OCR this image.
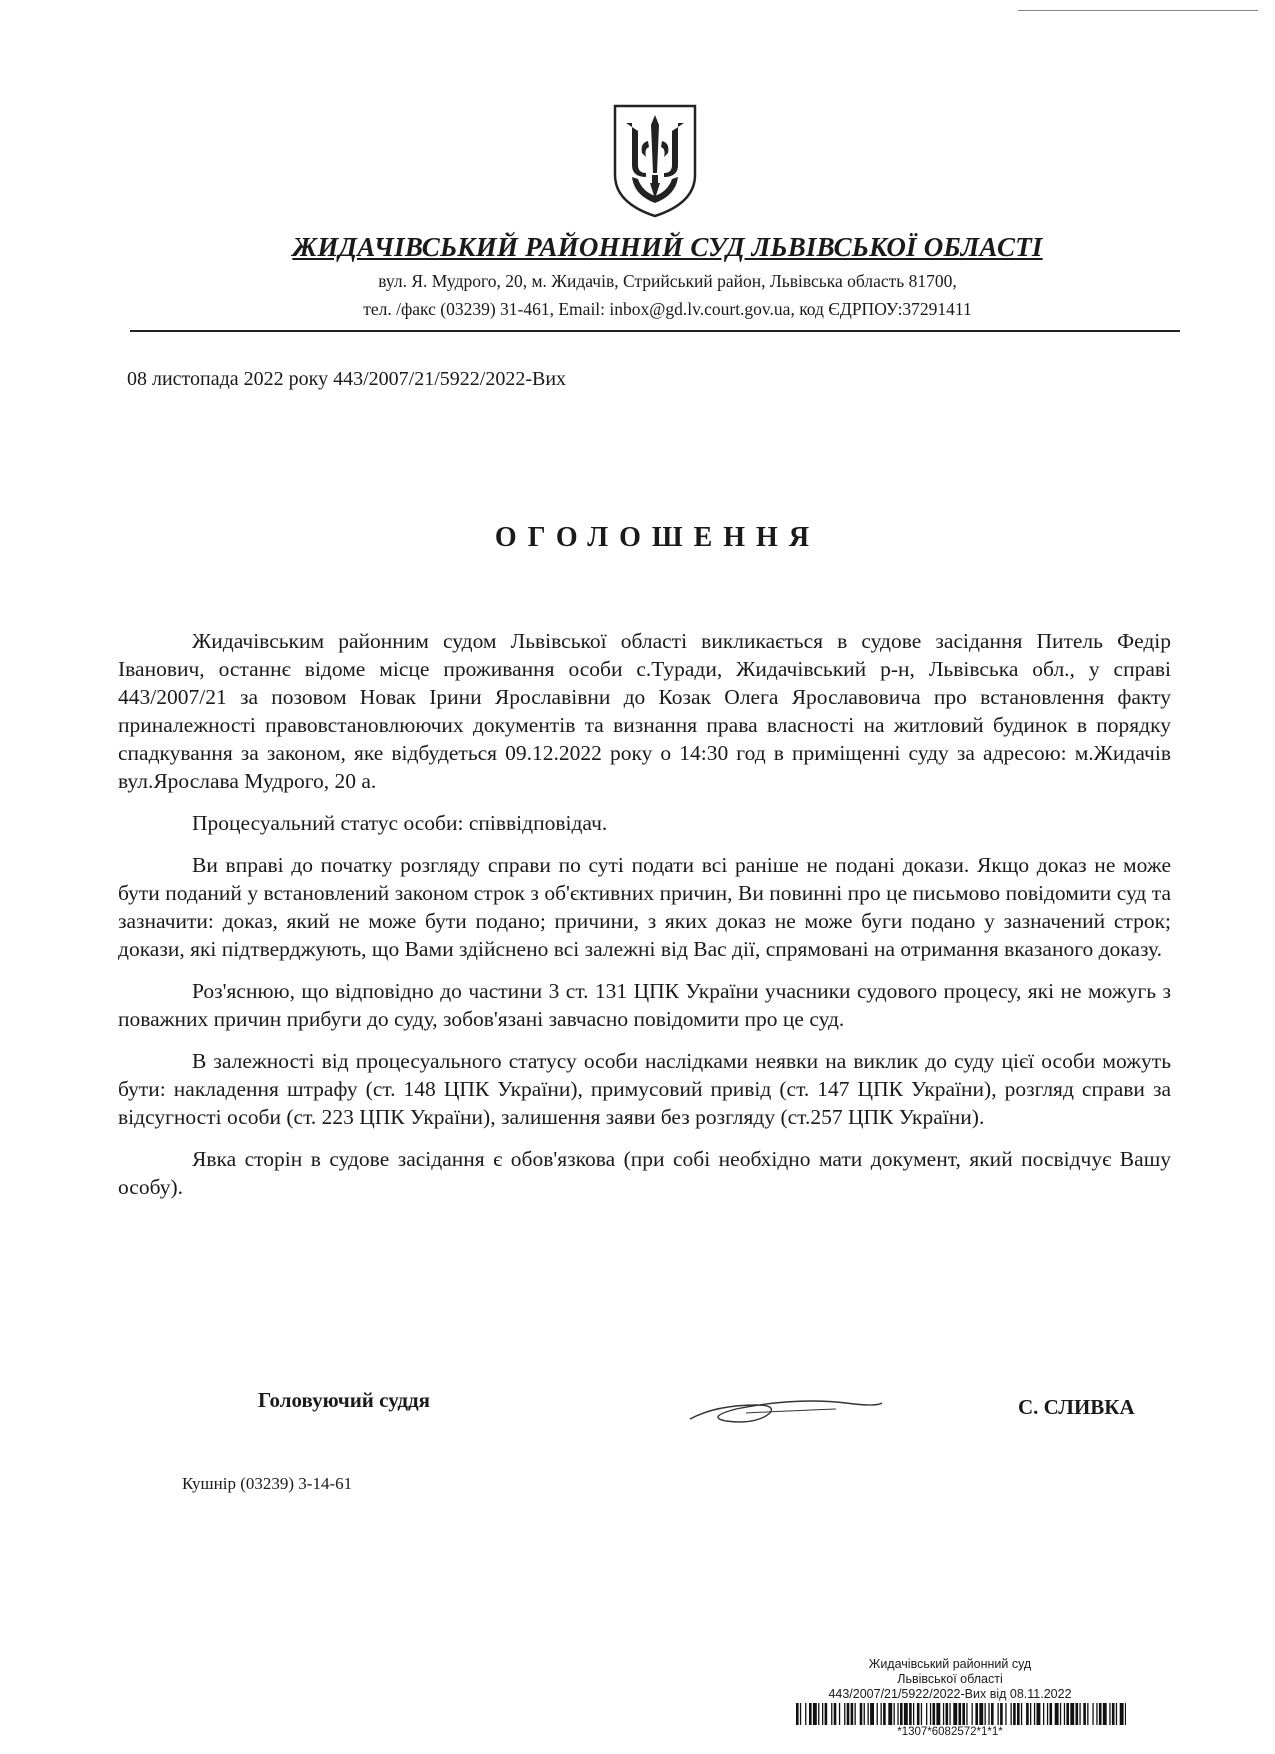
ЖИДАЧІВСЬКИЙ РАЙОННИЙ СУД ЛЬВІВСЬКОЇ ОБЛАСТІ
вул. Я. Мудрого, 20, м. Жидачів, Стрийський район, Львівська область 81700,
тел. /факс (03239) 31-461, Email: inbox@gd.lv.court.gov.ua, код ЄДРПОУ:37291411
08 листопада 2022 року 443/2007/21/5922/2022-Вих
ОГОЛОШЕННЯ

Жидачівським районним судом Львівської області викликається в судове засідання Питель Федір Іванович, останнє відоме місце проживання особи с.Туради, Жидачівський р-н, Львівська обл., у справі 443/2007/21 за позовом Новак Ірини Ярославівни до Козак Олега Ярославовича про встановлення факту приналежності правовстановлюючих документів та визнання права власності на житловий будинок в порядку спадкування за законом, яке відбудеться 09.12.2022 року о 14:30 год в приміщенні суду за адресою: м.Жидачів вул.Ярослава Мудрого, 20 а.

Процесуальний статус особи: співвідповідач.

Ви вправі до початку розгляду справи по суті подати всі раніше не подані докази. Якщо доказ не може бути поданий у встановлений законом строк з об'єктивних причин, Ви повинні про це письмово повідомити суд та зазначити: доказ, який не може бути подано; причини, з яких доказ не може буги подано у зазначений строк; докази, які підтверджують, що Вами здійснено всі залежні від Вас дії, спрямовані на отримання вказаного доказу.

Роз'яснюю, що відповідно до частини 3 ст. 131 ЦПК України учасники судового процесу, які не можугь з поважних причин прибуги до суду, зобов'язані завчасно повідомити про це суд.

В залежності від процесуального статусу особи наслідками неявки на виклик до суду цієї особи можуть бути: накладення штрафу (ст. 148 ЦПК України), примусовий привід (ст. 147 ЦПК України), розгляд справи за відсугності особи (ст. 223 ЦПК України), залишення заяви без розгляду (ст.257 ЦПК України).

Явка сторін в судове засідання є обов'язкова (при собі необхідно мати документ, який посвідчує Вашу особу).

Головуючий суддя	С. СЛИВКА
Кушнір (03239) 3-14-61
Жидачівський районний суд
Львівської області
443/2007/21/5922/2022-Вих від 08.11.2022
*1307*6082572*1*1*
